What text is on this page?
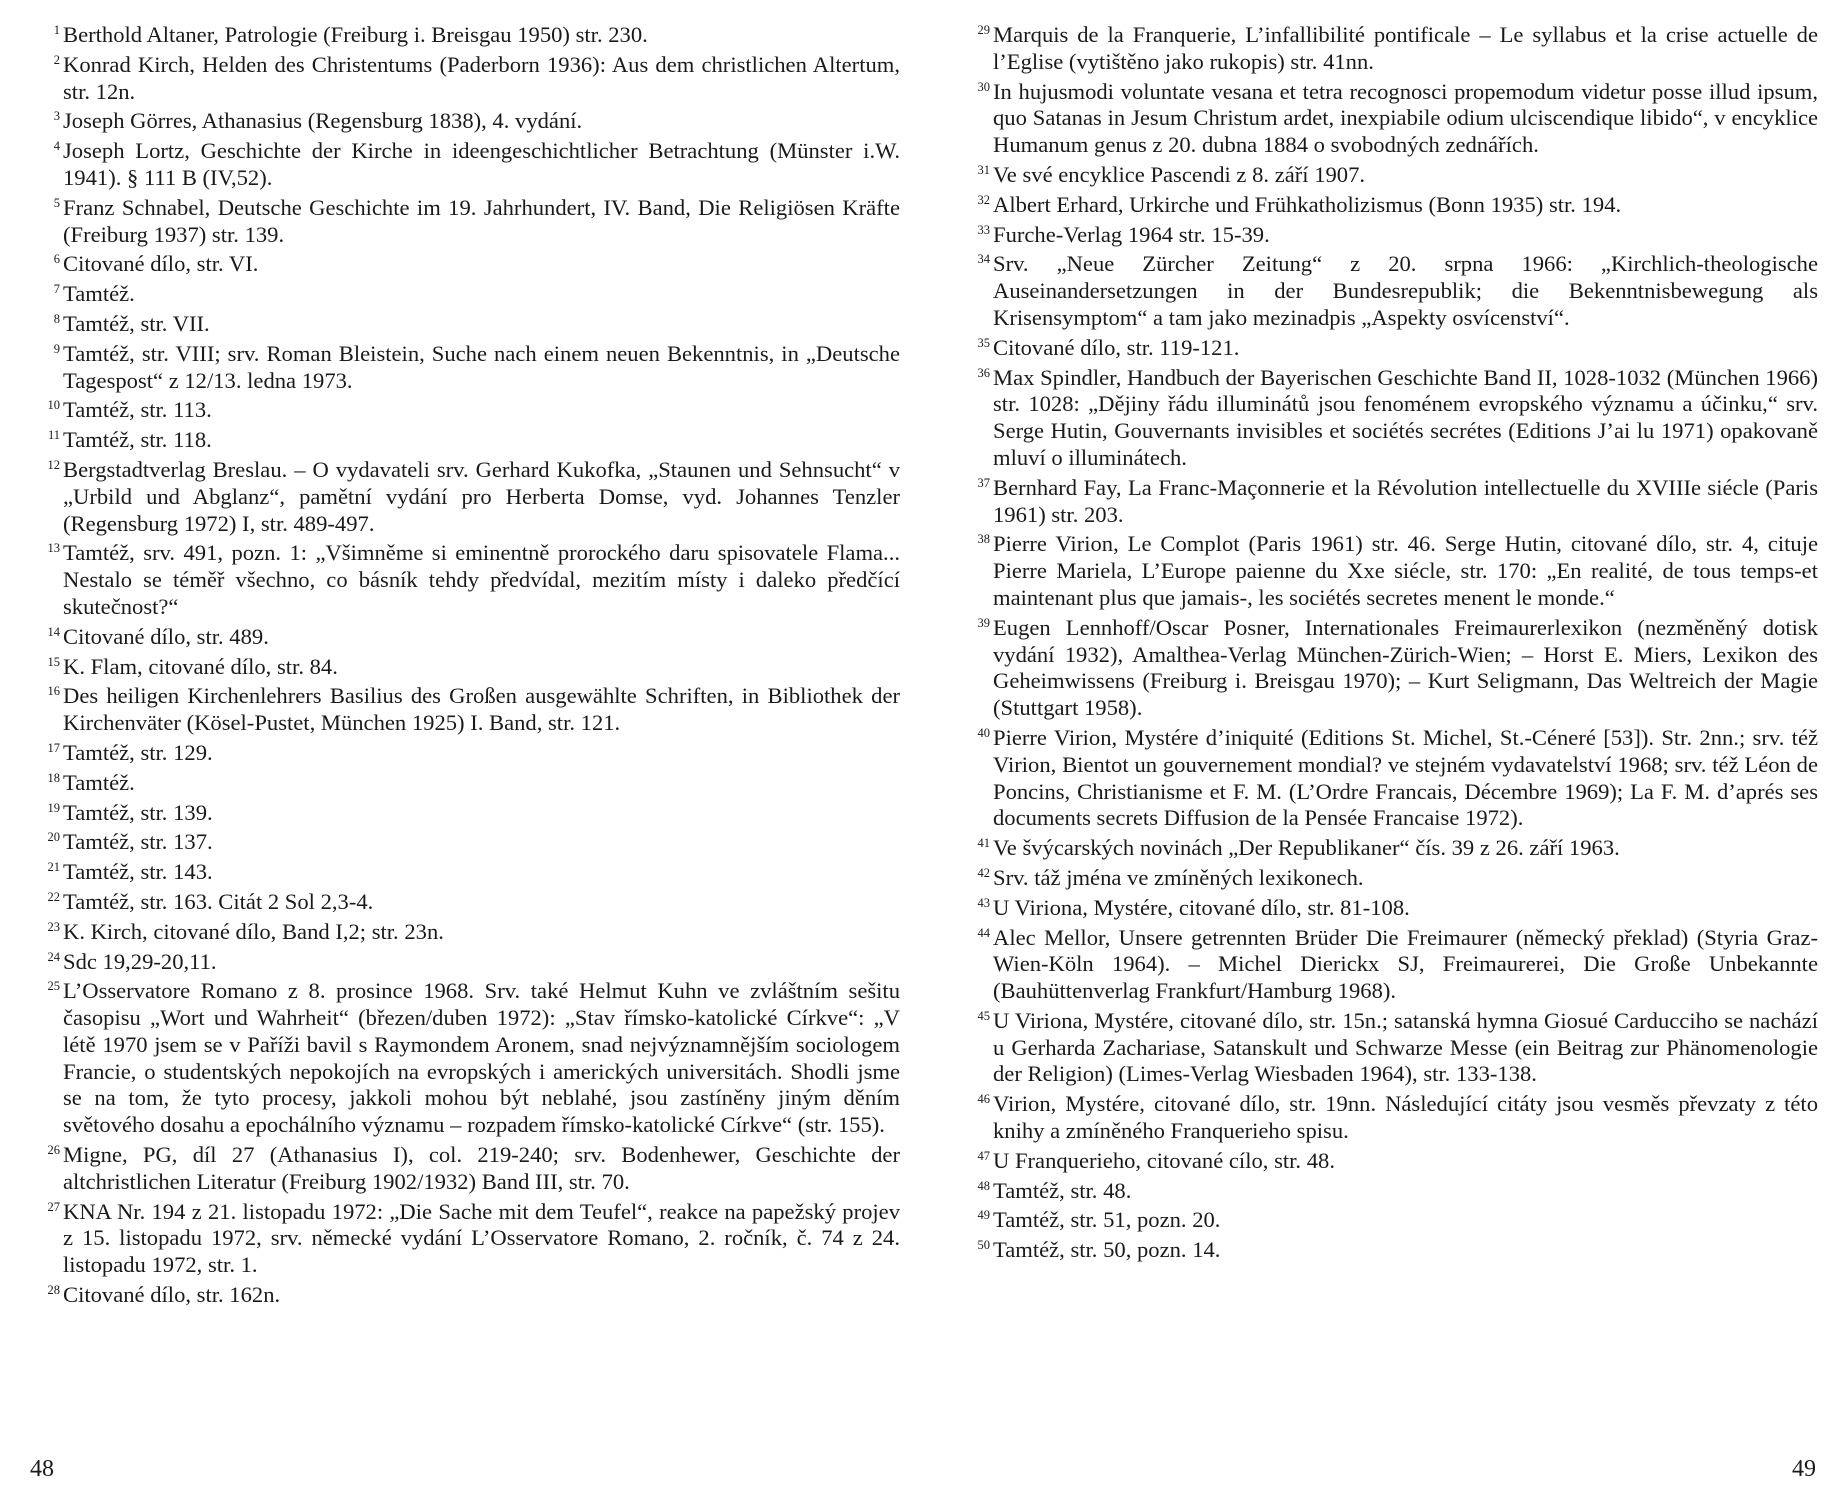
1 Berthold Altaner, Patrologie (Freiburg i. Breisgau 1950) str. 230.
2 Konrad Kirch, Helden des Christentums (Paderborn 1936): Aus dem christlichen Altertum, str. 12n.
3 Joseph Görres, Athanasius (Regensburg 1838), 4. vydání.
4 Joseph Lortz, Geschichte der Kirche in ideengeschichtlicher Betrachtung (Münster i.W. 1941). § 111 B (IV,52).
5 Franz Schnabel, Deutsche Geschichte im 19. Jahrhundert, IV. Band, Die Religiösen Kräfte (Freiburg 1937) str. 139.
6 Citované dílo, str. VI.
7 Tamtéž.
8 Tamtéž, str. VII.
9 Tamtéž, str. VIII; srv. Roman Bleistein, Suche nach einem neuen Bekenntnis, in „Deutsche Tagespost“ z 12/13. ledna 1973.
10 Tamtéž, str. 113.
11 Tamtéž, str. 118.
12 Bergstadtverlag Breslau. – O vydavateli srv. Gerhard Kukofka, „Staunen und Sehnsucht“ v „Urbild und Abglanz“, pamětní vydání pro Herberta Domse, vyd. Johannes Tenzler (Regensburg 1972) I, str. 489-497.
13 Tamtéž, srv. 491, pozn. 1: „Všimněme si eminentně prorockého daru spisovatele Flama... Nestalo se téměř všechno, co básník tehdy předvídal, mezitím místy i daleko předčící skutečnost?“
14 Citované dílo, str. 489.
15 K. Flam, citované dílo, str. 84.
16 Des heiligen Kirchenlehrers Basilius des Großen ausgewählte Schriften, in Bibliothek der Kirchenväter (Kösel-Pustet, München 1925) I. Band, str. 121.
17 Tamtéž, str. 129.
18 Tamtéž.
19 Tamtéž, str. 139.
20 Tamtéž, str. 137.
21 Tamtéž, str. 143.
22 Tamtéž, str. 163. Citát 2 Sol 2,3-4.
23 K. Kirch, citované dílo, Band I,2; str. 23n.
24 Sdc 19,29-20,11.
25 L’Osservatore Romano z 8. prosince 1968. Srv. také Helmut Kuhn ve zvláštním sešitu časopisu „Wort und Wahrheit“ (březen/duben 1972): „Stav římsko-katolické Církve“: „V létě 1970 jsem se v Paříži bavil s Raymondem Aronem, snad nejvýznamnějším sociologem Francie, o studentských nepokojích na evropských i amerických universitách. Shodli jsme se na tom, že tyto procesy, jakkoli mohou být neblahé, jsou zastíněny jiným děním světového dosahu a epochálního významu – rozpadem římsko-katolické Církve“ (str. 155).
26 Migne, PG, díl 27 (Athanasius I), col. 219-240; srv. Bodenhewer, Geschichte der altchristlichen Literatur (Freiburg 1902/1932) Band III, str. 70.
27 KNA Nr. 194 z 21. listopadu 1972: „Die Sache mit dem Teufel“, reakce na papežský projev z 15. listopadu 1972, srv. německé vydání L’Osservatore Romano, 2. ročník, č. 74 z 24. listopadu 1972, str. 1.
28 Citované dílo, str. 162n.
29 Marquis de la Franquerie, L’infallibilité pontificale – Le syllabus et la crise actuelle de l’Eglise (vytištěno jako rukopis) str. 41nn.
30 In hujusmodi voluntate vesana et tetra recognosci propemodum videtur posse illud ipsum, quo Satanas in Jesum Christum ardet, inexpiabile odium ulciscendique libido“, v encyklice Humanum genus z 20. dubna 1884 o svobodných zednářích.
31 Ve své encyklice Pascendi z 8. září 1907.
32 Albert Erhard, Urkirche und Frühkatholizismus (Bonn 1935) str. 194.
33 Furche-Verlag 1964 str. 15-39.
34 Srv. „Neue Zürcher Zeitung“ z 20. srpna 1966: „Kirchlich-theologische Auseinandersetzungen in der Bundesrepublik; die Bekenntnisbewegung als Krisensymptom“ a tam jako mezinadpis „Aspekty osvícenství“.
35 Citované dílo, str. 119-121.
36 Max Spindler, Handbuch der Bayerischen Geschichte Band II, 1028-1032 (München 1966) str. 1028: „Dějiny řádu illuminátů jsou fenoménem evropského významu a účinku,“ srv. Serge Hutin, Gouvernants invisibles et sociétés secrétes (Editions J’ai lu 1971) opakovaně mluví o illuminátech.
37 Bernhard Fay, La Franc-Maçonnerie et la Révolution intellectuelle du XVIIIe siécle (Paris 1961) str. 203.
38 Pierre Virion, Le Complot (Paris 1961) str. 46. Serge Hutin, citované dílo, str. 4, cituje Pierre Mariela, L’Europe paienne du Xxe siécle, str. 170: „En realité, de tous temps-et maintenant plus que jamais-, les sociétés secretes menent le monde.“
39 Eugen Lennhoff/Oscar Posner, Internationales Freimaurerlexikon (nezměněný dotisk vydání 1932), Amalthea-Verlag München-Zürich-Wien; – Horst E. Miers, Lexikon des Geheimwissens (Freiburg i. Breisgau 1970); – Kurt Seligmann, Das Weltreich der Magie (Stuttgart 1958).
40 Pierre Virion, Mystére d’iniquité (Editions St. Michel, St.-Céneré [53]). Str. 2nn.; srv. též Virion, Bientot un gouvernement mondial? ve stejném vydavatelství 1968; srv. též Léon de Poncins, Christianisme et F. M. (L’Ordre Francais, Décembre 1969); La F. M. d’aprés ses documents secrets Diffusion de la Pensée Francaise 1972).
41 Ve švýcarských novinách „Der Republikaner“ čís. 39 z 26. září 1963.
42 Srv. táž jména ve zmíněných lexikonech.
43 U Viriona, Mystére, citované dílo, str. 81-108.
44 Alec Mellor, Unsere getrennten Brüder Die Freimaurer (německý překlad) (Styria Graz-Wien-Köln 1964). – Michel Dierickx SJ, Freimaurerei, Die Große Unbekannte (Bauhüttenverlag Frankfurt/Hamburg 1968).
45 U Viriona, Mystére, citované dílo, str. 15n.; satanská hymna Giosué Carducciho se nachází u Gerharda Zachariase, Satanskult und Schwarze Messe (ein Beitrag zur Phänomenologie der Religion) (Limes-Verlag Wiesbaden 1964), str. 133-138.
46 Virion, Mystére, citované dílo, str. 19nn. Následující citáty jsou vesměs převzaty z této knihy a zmíněného Franquerieho spisu.
47 U Franquerieho, citované cílo, str. 48.
48 Tamtéž, str. 48.
49 Tamtéž, str. 51, pozn. 20.
50 Tamtéž, str. 50, pozn. 14.
48	49
